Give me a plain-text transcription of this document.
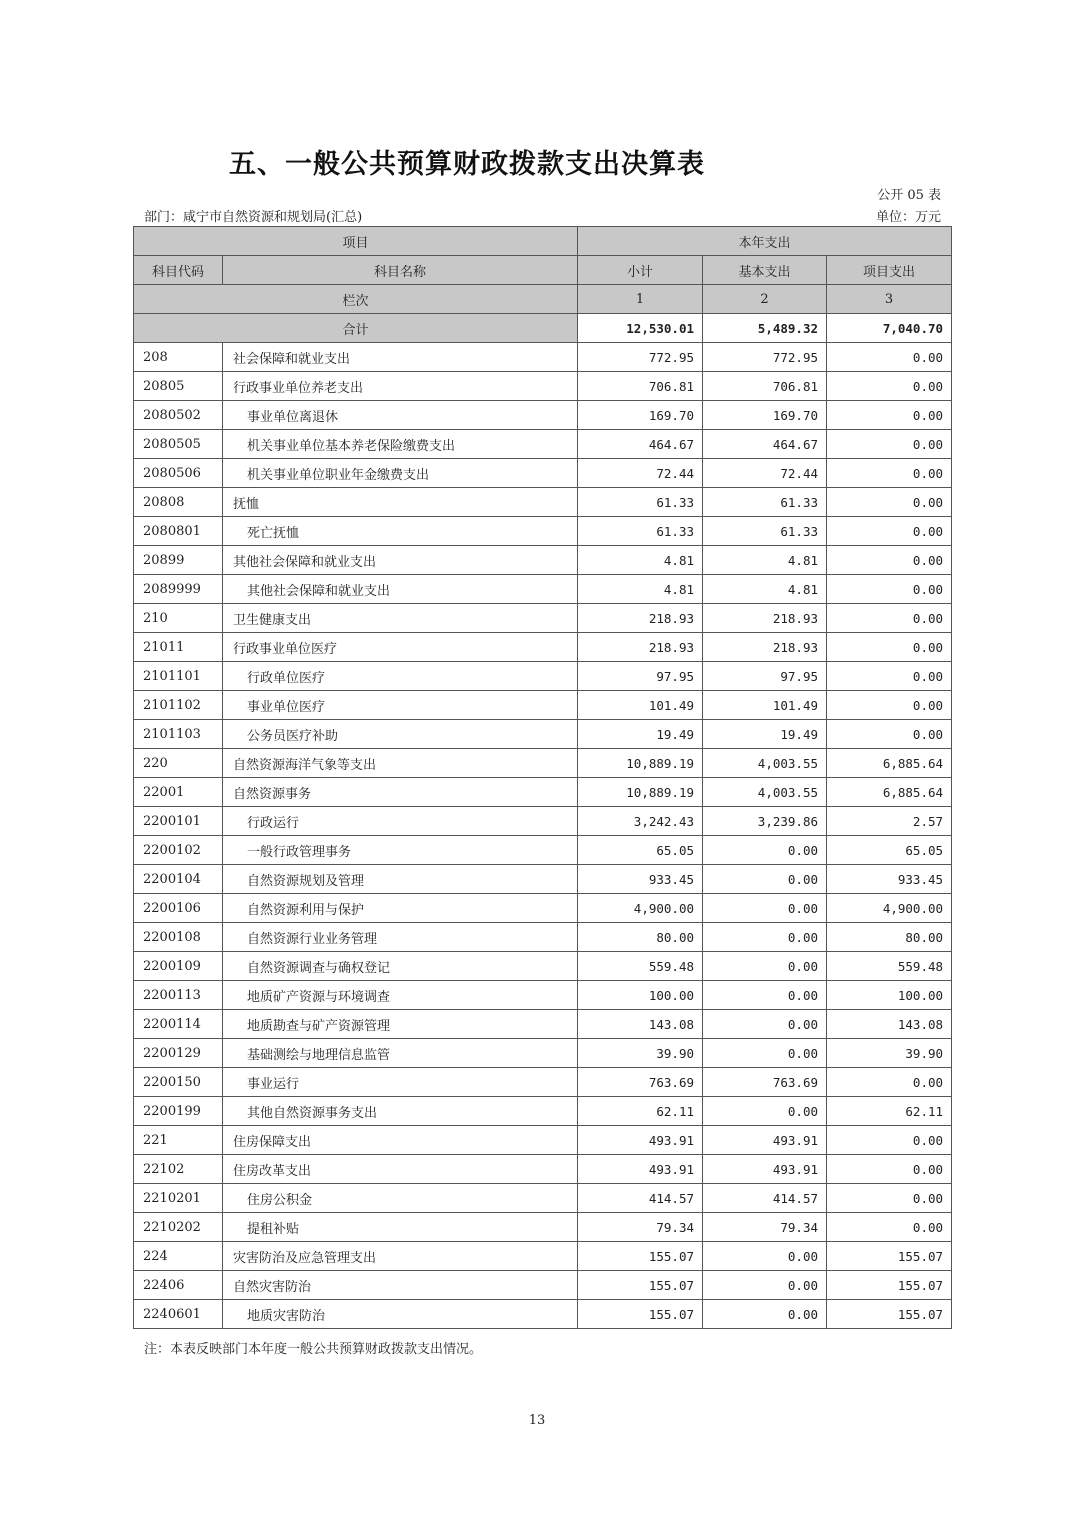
五、一般公共预算财政拨款支出决算表
公开 05 表
部门：咸宁市自然资源和规划局(汇总)	单位：万元
项目		本年支出		
科目代码	科目名称	小计	基本支出	项目支出
栏次		1	2	3
合计		12,530.01	5,489.32	7,040.70
208	社会保障和就业支出	772.95	772.95	0.00
20805	行政事业单位养老支出	706.81	706.81	0.00
2080502	事业单位离退休	169.70	169.70	0.00
2080505	机关事业单位基本养老保险缴费支出	464.67	464.67	0.00
2080506	机关事业单位职业年金缴费支出	72.44	72.44	0.00
20808	抚恤	61.33	61.33	0.00
2080801	死亡抚恤	61.33	61.33	0.00
20899	其他社会保障和就业支出	4.81	4.81	0.00
2089999	其他社会保障和就业支出	4.81	4.81	0.00
210	卫生健康支出	218.93	218.93	0.00
21011	行政事业单位医疗	218.93	218.93	0.00
2101101	行政单位医疗	97.95	97.95	0.00
2101102	事业单位医疗	101.49	101.49	0.00
2101103	公务员医疗补助	19.49	19.49	0.00
220	自然资源海洋气象等支出	10,889.19	4,003.55	6,885.64
22001	自然资源事务	10,889.19	4,003.55	6,885.64
2200101	行政运行	3,242.43	3,239.86	2.57
2200102	一般行政管理事务	65.05	0.00	65.05
2200104	自然资源规划及管理	933.45	0.00	933.45
2200106	自然资源利用与保护	4,900.00	0.00	4,900.00
2200108	自然资源行业业务管理	80.00	0.00	80.00
2200109	自然资源调查与确权登记	559.48	0.00	559.48
2200113	地质矿产资源与环境调查	100.00	0.00	100.00
2200114	地质勘查与矿产资源管理	143.08	0.00	143.08
2200129	基础测绘与地理信息监管	39.90	0.00	39.90
2200150	事业运行	763.69	763.69	0.00
2200199	其他自然资源事务支出	62.11	0.00	62.11
221	住房保障支出	493.91	493.91	0.00
22102	住房改革支出	493.91	493.91	0.00
2210201	住房公积金	414.57	414.57	0.00
2210202	提租补贴	79.34	79.34	0.00
224	灾害防治及应急管理支出	155.07	0.00	155.07
22406	自然灾害防治	155.07	0.00	155.07
2240601	地质灾害防治	155.07	0.00	155.07
注：本表反映部门本年度一般公共预算财政拨款支出情况。
13
